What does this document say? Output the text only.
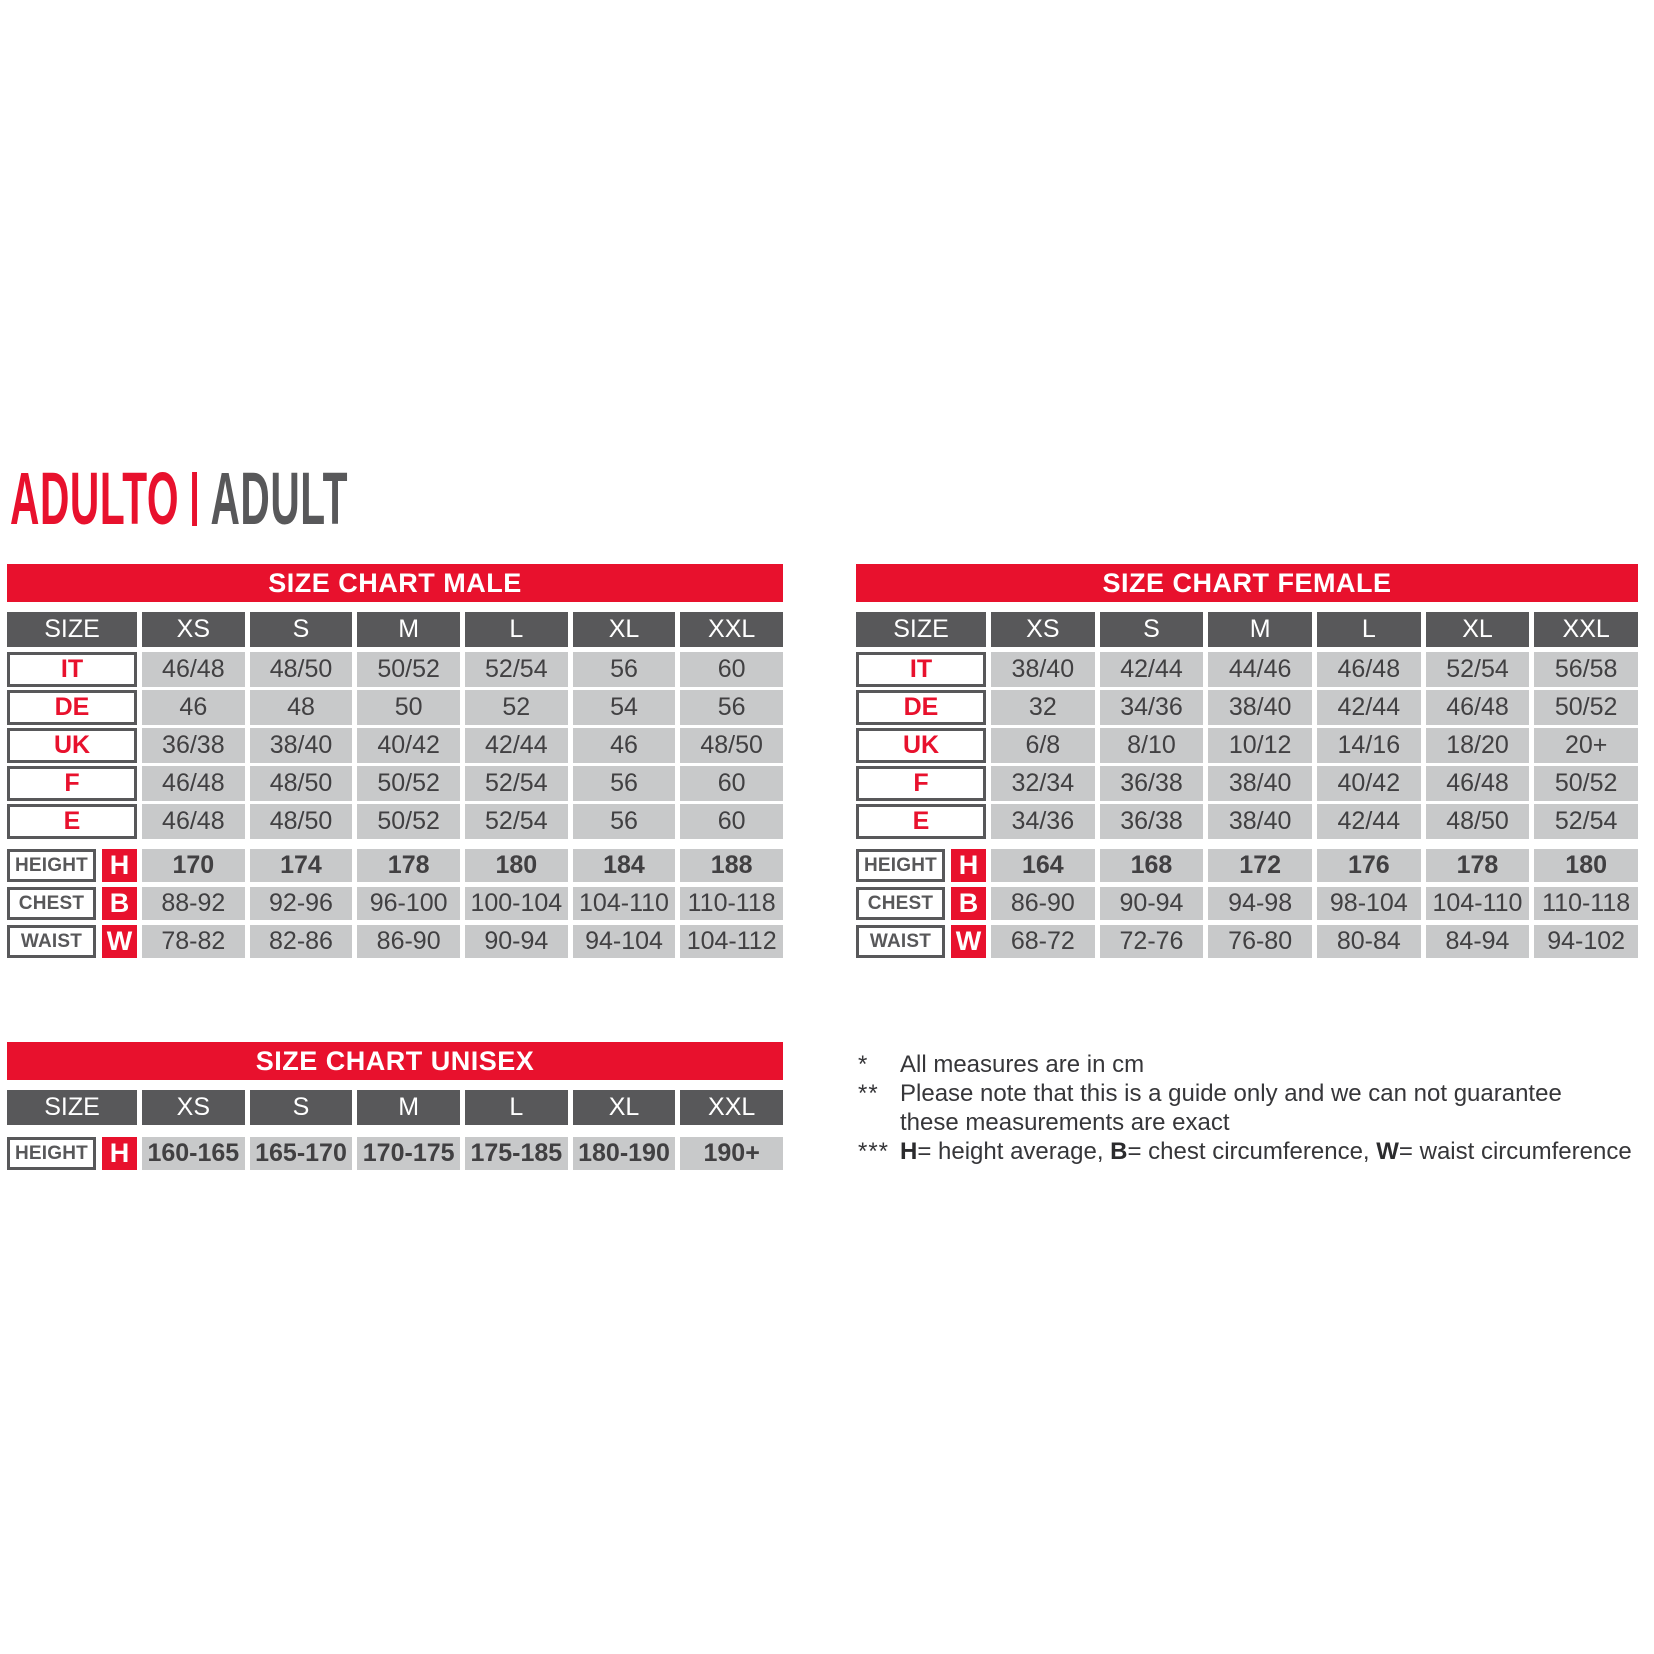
ADULTO ADULT
SIZE CHART MALE
SIZE	XS	S	M	L	XL	XXL
IT	46/48	48/50	50/52	52/54	56	60
DE	46	48	50	52	54	56
UK	36/38	38/40	40/42	42/44	46	48/50
F	46/48	48/50	50/52	52/54	56	60
E	46/48	48/50	50/52	52/54	56	60
HEIGHT H	170	174	178	180	184	188
CHEST B	88-92	92-96	96-100 100-104 104-110 110-118
WAIST W	78-82	82-86	86-90	90-94	94-104 104-112
SIZE CHART FEMALE
SIZE	XS	S	M	L	XL	XXL
IT	38/40	42/44	44/46	46/48	52/54	56/58
DE	32	34/36	38/40	42/44	46/48	50/52
UK	6/8	8/10	10/12	14/16	18/20	20+
F	32/34	36/38	38/40	40/42	46/48	50/52
E	34/36	36/38	38/40	42/44	48/50	52/54
HEIGHT H	164	168	172	176	178	180
CHEST B	86-90	90-94	94-98	98-104 104-110 110-118
WAIST W	68-72	72-76	76-80	80-84	84-94	94-102
SIZE CHART UNISEX
SIZE	XS	S	M	L	XL	XXL
HEIGHT H 160-165 165-170 170-175 175-185 180-190	190+
*	All measures are in cm
** Please note that this is a guide only and we can not guarantee
these measurements are exact
*** H= height average, B= chest circumference, W= waist circumference
